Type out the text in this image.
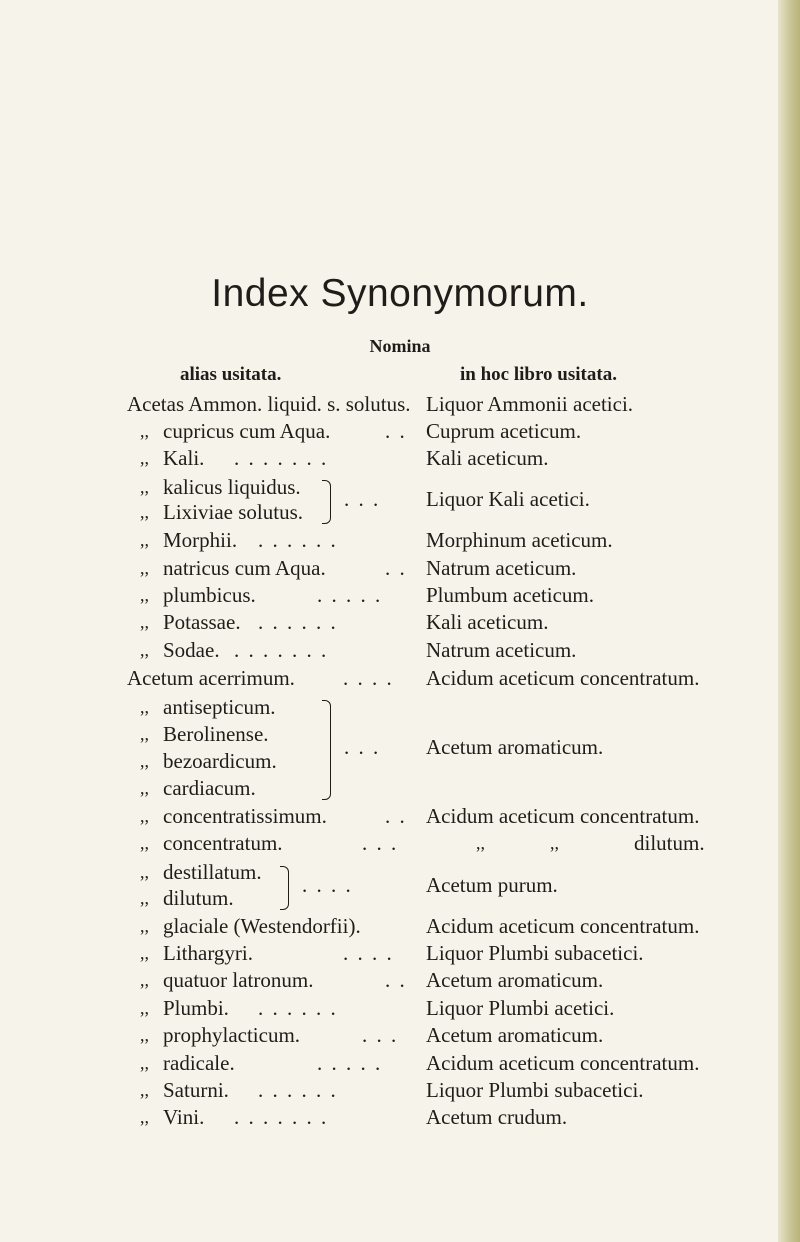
Index Synonymorum.
Nomina
alias usitata.	in hoc libro usitata.
Acetas Ammon. liquid. s. solutus. Liquor Ammonii acetici.
,, cupricus cum Aqua.	. . Cuprum aceticum.
,, Kali. . . . . . . .	Kali aceticum.
,, kalicus liquidus.
,, Lixiviae solutus.
. . . Liquor Kali acetici.
,, Morphii. . . . . . .	Morphinum aceticum.
,, natricus cum Aqua.	. . Natrum aceticum.
,, plumbicus.	. . . . . Plumbum aceticum.
,, Potassae. . . . . . .	Kali aceticum.
,, Sodae. . . . . . . .	Natrum aceticum.
Acetum acerrimum. . . . . Acidum aceticum concentratum.
,, antisepticum.
,, Berolinense.
,, bezoardicum.
,, cardiacum.
. . . Acetum aromaticum.
,, concentratissimum.	. . Acidum aceticum concentratum.
,, concentratum.	. . .	,,	,,	dilutum.
,, destillatum.
,, dilutum.
. . . .	Acetum purum.
,, glaciale (Westendorfii).	Acidum aceticum concentratum.
,, Lithargyri.	. . . . Liquor Plumbi subacetici.
,, quatuor latronum.	. . Acetum aromaticum.
,, Plumbi. . . . . . .	Liquor Plumbi acetici.
,, prophylacticum.	. . . Acetum aromaticum.
,, radicale.	. . . . . Acidum aceticum concentratum.
,, Saturni. . . . . . .	Liquor Plumbi subacetici.
,, Vini. . . . . . . .	Acetum crudum.
